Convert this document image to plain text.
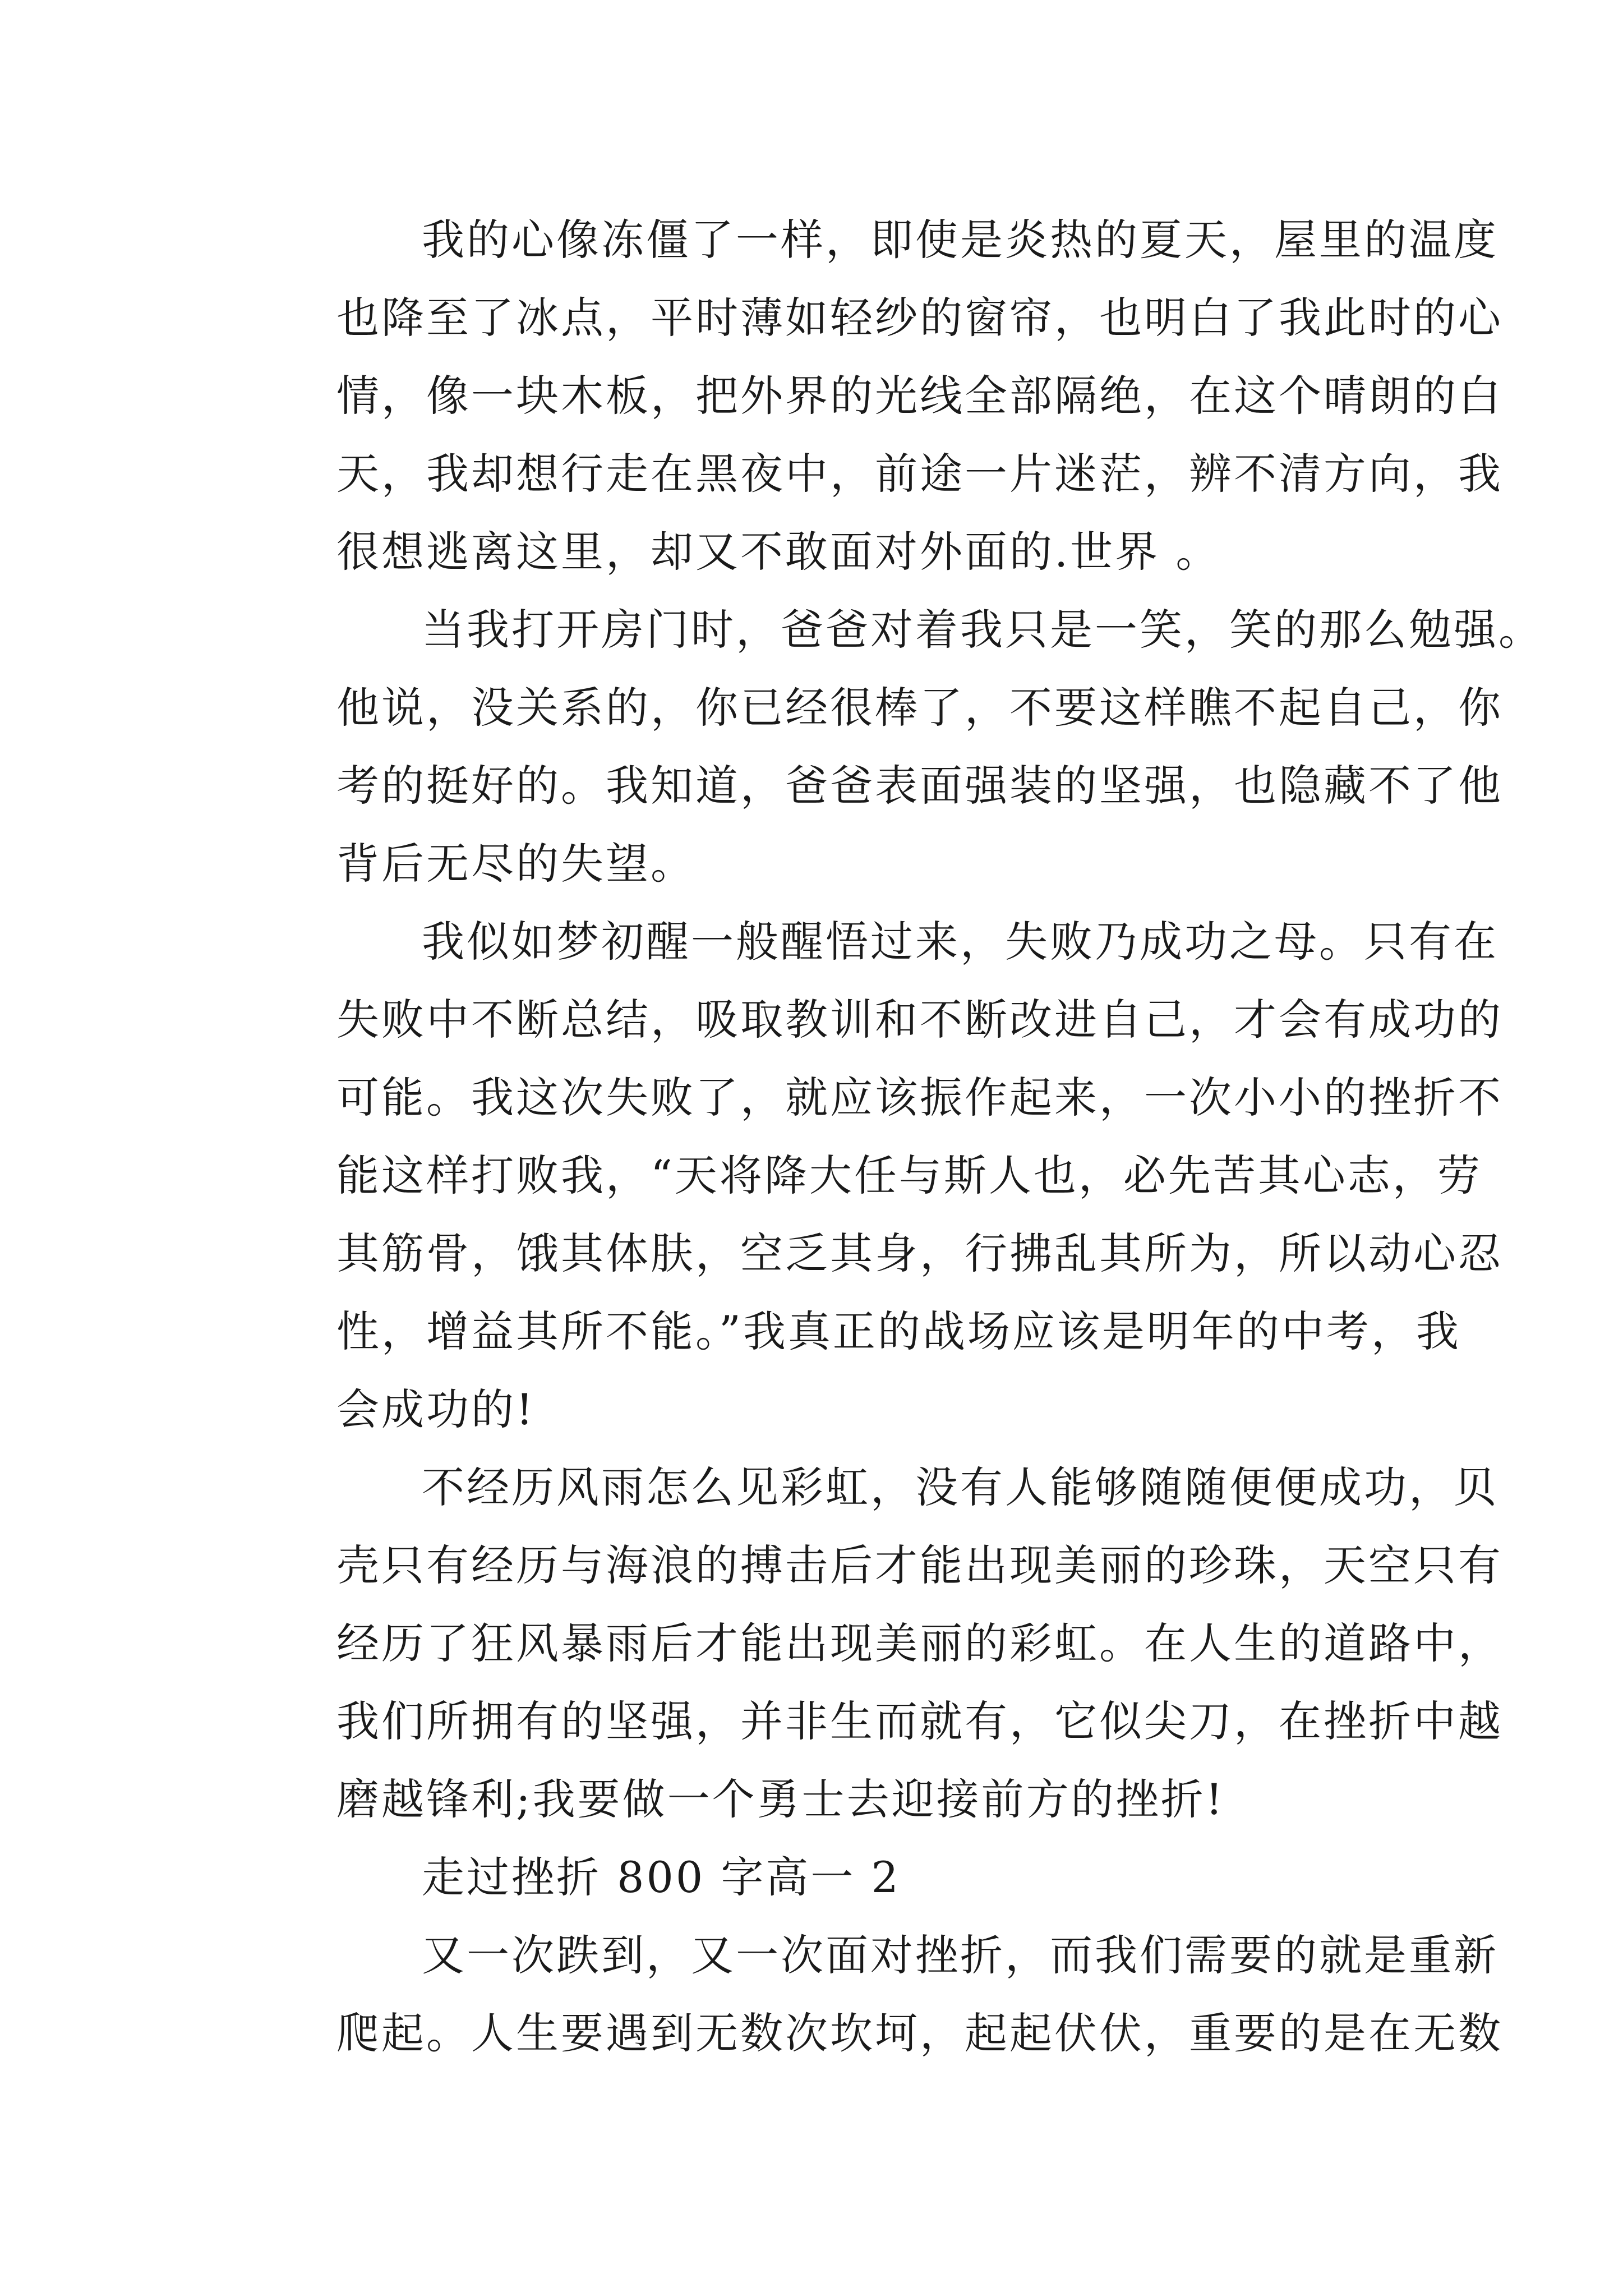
我的心像冻僵了一样，即使是炎热的夏天，屋里的温度
也降至了冰点，平时薄如轻纱的窗帘，也明白了我此时的心
情，像一块木板，把外界的光线全部隔绝，在这个晴朗的白
天，我却想行走在黑夜中，前途一片迷茫，辨不清方向，我
很想逃离这里，却又不敢面对外面的.世界 。
当我打开房门时，爸爸对着我只是一笑，笑的那么勉强。
他说，没关系的，你已经很棒了，不要这样瞧不起自己，你
考的挺好的。我知道，爸爸表面强装的坚强，也隐藏不了他
背后无尽的失望。
我似如梦初醒一般醒悟过来，失败乃成功之母。只有在
失败中不断总结，吸取教训和不断改进自己，才会有成功的
可能。我这次失败了，就应该振作起来，一次小小的挫折不
能这样打败我，“天将降大任与斯人也，必先苦其心志，劳
其筋骨，饿其体肤，空乏其身，行拂乱其所为，所以动心忍
性，增益其所不能。”我真正的战场应该是明年的中考，我
会成功的!
不经历风雨怎么见彩虹，没有人能够随随便便成功，贝
壳只有经历与海浪的搏击后才能出现美丽的珍珠，天空只有
经历了狂风暴雨后才能出现美丽的彩虹。在人生的道路中，
我们所拥有的坚强，并非生而就有，它似尖刀，在挫折中越
磨越锋利;我要做一个勇士去迎接前方的挫折!
走过挫折 800 字高一 2
又一次跌到，又一次面对挫折，而我们需要的就是重新
爬起。人生要遇到无数次坎坷，起起伏伏，重要的是在无数
